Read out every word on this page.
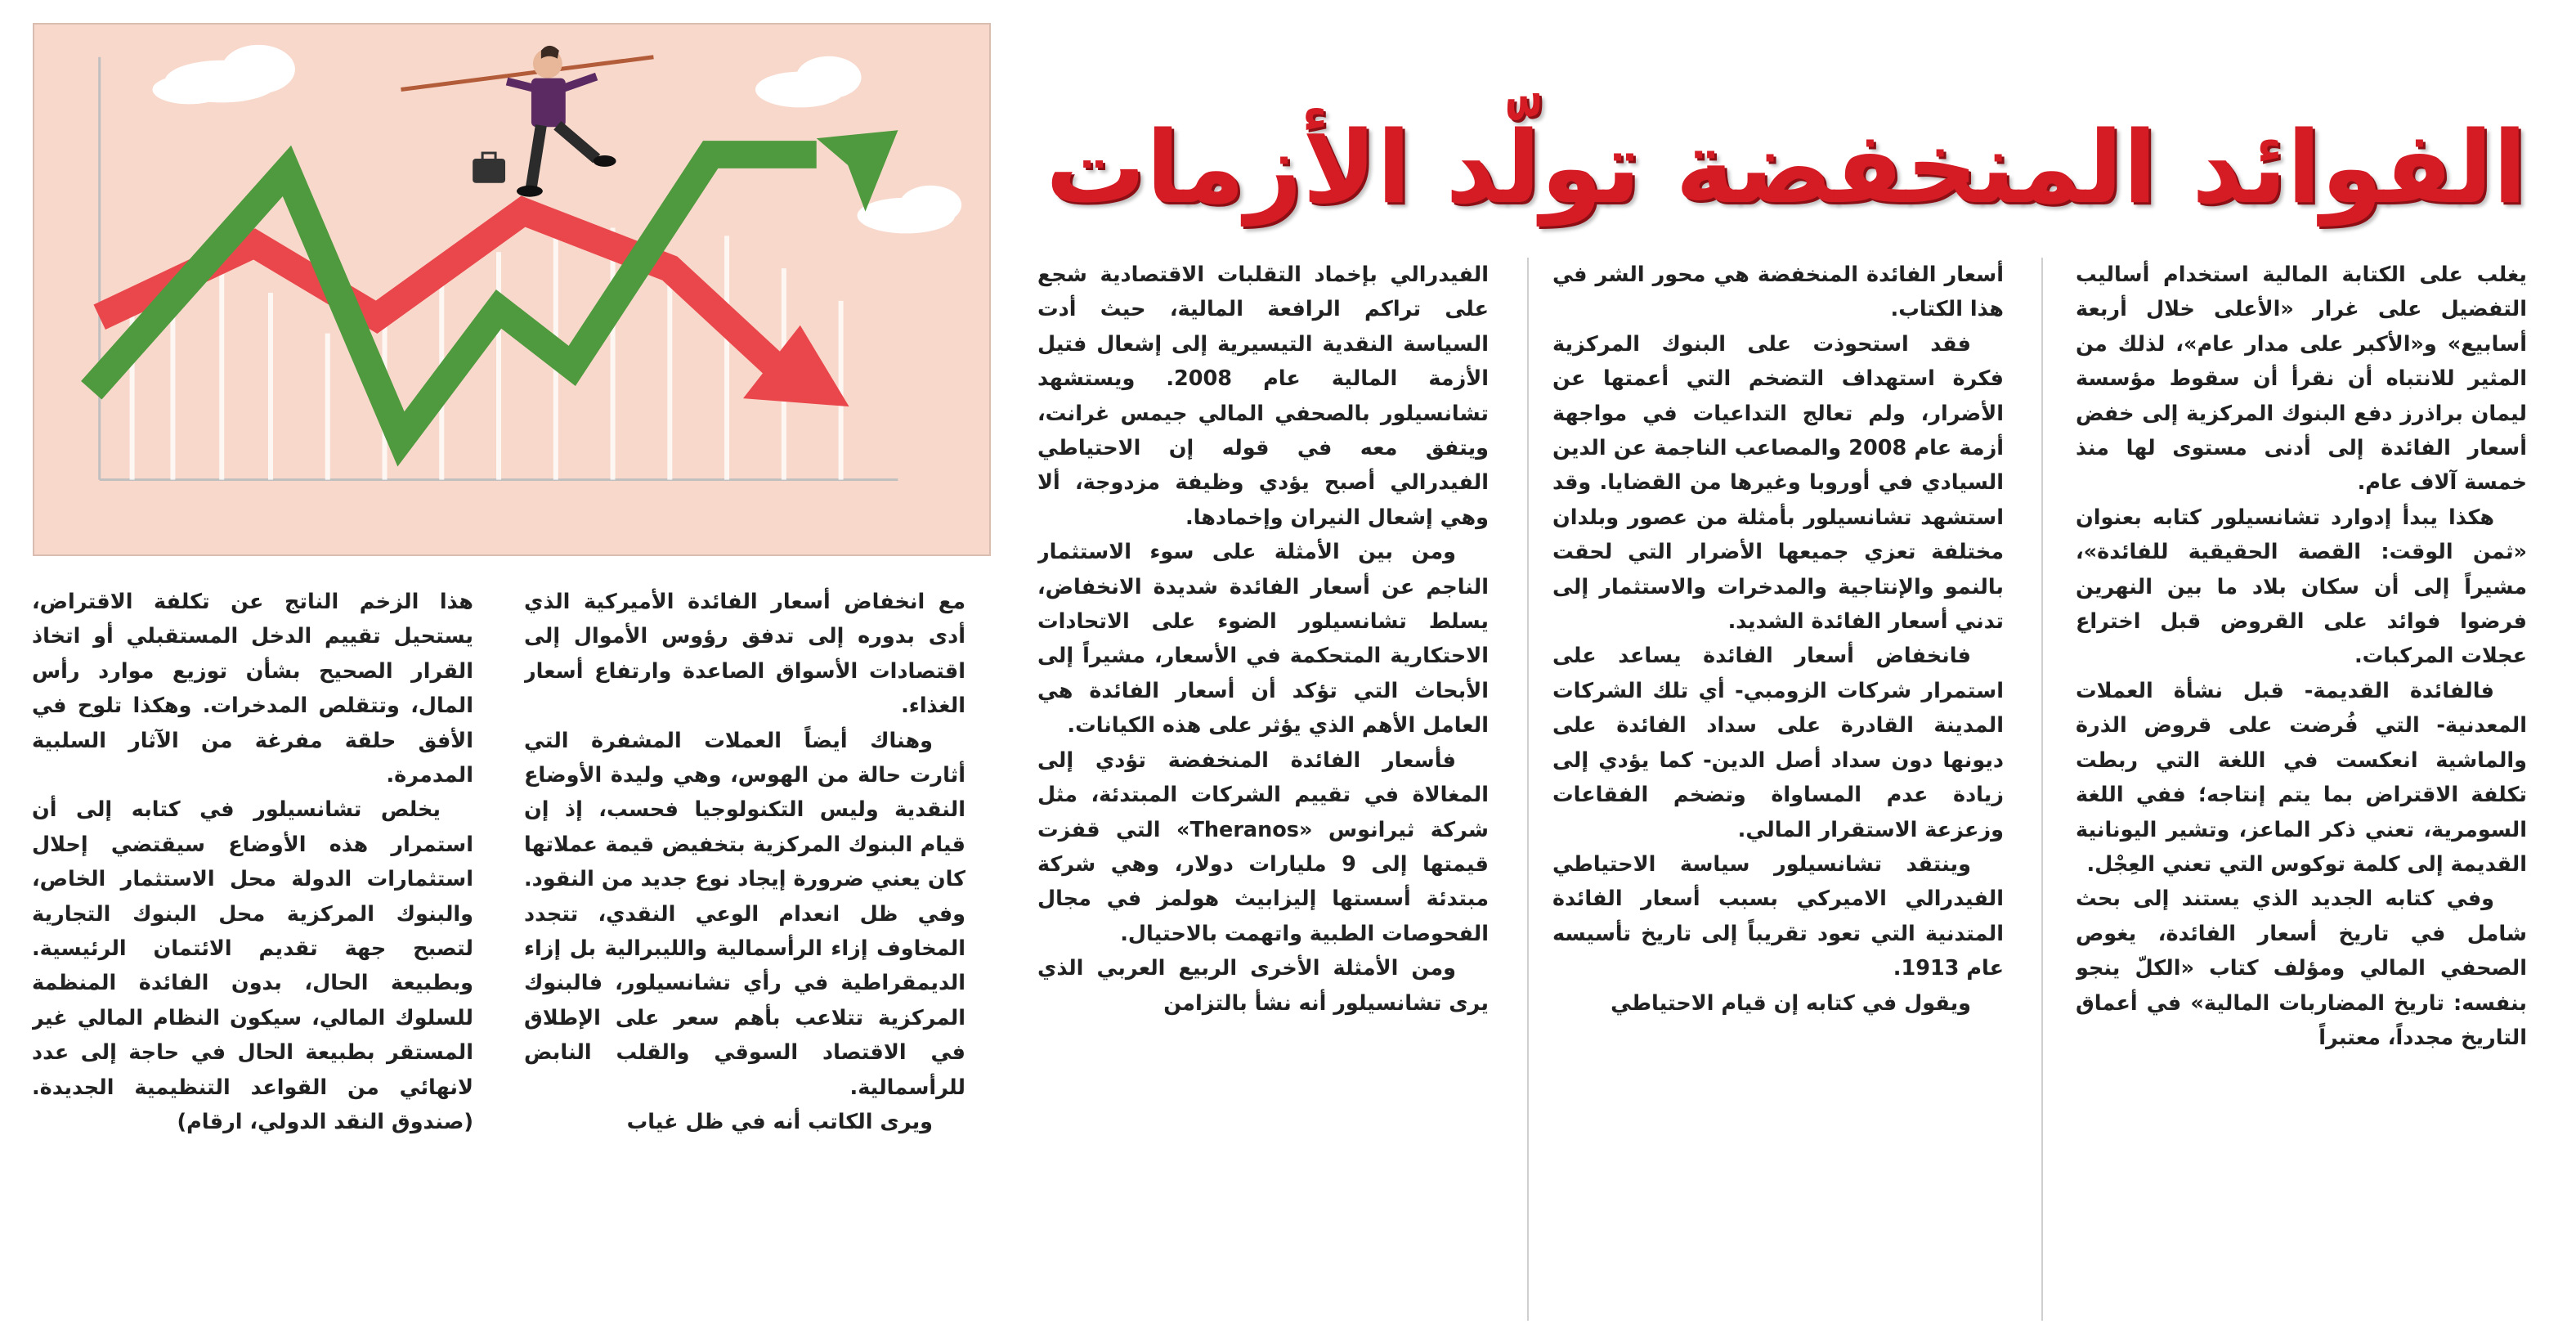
الفوائد المنخفضة تولّد الأزمات

يغلب على الكتابة المالية استخدام أساليب التفضيل على غرار «الأعلى خلال أربعة أسابيع» و«الأكبر على مدار عام»، لذلك من المثير للانتباه أن نقرأ أن سقوط مؤسسة ليمان براذرز دفع البنوك المركزية إلى خفض أسعار الفائدة إلى أدنى مستوى لها منذ خمسة آلاف عام.

هكذا يبدأ إدوارد تشانسيلور كتابه بعنوان «ثمن الوقت: القصة الحقيقية للفائدة»، مشيراً إلى أن سكان بلاد ما بين النهرين فرضوا فوائد على القروض قبل اختراع عجلات المركبات.

فالفائدة القديمة- قبل نشأة العملات المعدنية- التي فُرضت على قروض الذرة والماشية انعكست في اللغة التي ربطت تكلفة الاقتراض بما يتم إنتاجه؛ ففي اللغة السومرية، تعني ذكر الماعز، وتشير اليونانية القديمة إلى كلمة توكوس التي تعني العِجْل.

وفي كتابه الجديد الذي يستند إلى بحث شامل في تاريخ أسعار الفائدة، يغوص الصحفي المالي ومؤلف كتاب «الكلّ ينجو بنفسه: تاريخ المضاربات المالية» في أعماق التاريخ مجدداً، معتبراً

أسعار الفائدة المنخفضة هي محور الشر في هذا الكتاب.

فقد استحوذت على البنوك المركزية فكرة استهداف التضخم التي أعمتها عن الأضرار، ولم تعالج التداعيات في مواجهة أزمة عام 2008 والمصاعب الناجمة عن الدين السيادي في أوروبا وغيرها من القضايا. وقد استشهد تشانسيلور بأمثلة من عصور وبلدان مختلفة تعزي جميعها الأضرار التي لحقت بالنمو والإنتاجية والمدخرات والاستثمار إلى تدني أسعار الفائدة الشديد.

فانخفاض أسعار الفائدة يساعد على استمرار شركات الزومبي- أي تلك الشركات المدينة القادرة على سداد الفائدة على ديونها دون سداد أصل الدين- كما يؤدي إلى زيادة عدم المساواة وتضخم الفقاعات وزعزعة الاستقرار المالي.

وينتقد تشانسيلور سياسة الاحتياطي الفيدرالي الاميركي بسبب أسعار الفائدة المتدنية التي تعود تقريباً إلى تاريخ تأسيسه عام 1913.

ويقول في كتابه إن قيام الاحتياطي

الفيدرالي بإخماد التقلبات الاقتصادية شجع على تراكم الرافعة المالية، حيث أدت السياسة النقدية التيسيرية إلى إشعال فتيل الأزمة المالية عام 2008. ويستشهد تشانسيلور بالصحفي المالي جيمس غرانت، ويتفق معه في قوله إن الاحتياطي الفيدرالي أصبح يؤدي وظيفة مزدوجة، ألا وهي إشعال النيران وإخمادها.

ومن بين الأمثلة على سوء الاستثمار الناجم عن أسعار الفائدة شديدة الانخفاض، يسلط تشانسيلور الضوء على الاتحادات الاحتكارية المتحكمة في الأسعار، مشيراً إلى الأبحاث التي تؤكد أن أسعار الفائدة هي العامل الأهم الذي يؤثر على هذه الكيانات.

فأسعار الفائدة المنخفضة تؤدي إلى المغالاة في تقييم الشركات المبتدئة، مثل شركة ثيرانوس «Theranos» التي قفزت قيمتها إلى 9 مليارات دولار، وهي شركة مبتدئة أسستها إليزابيث هولمز في مجال الفحوصات الطبية واتهمت بالاحتيال.

ومن الأمثلة الأخرى الربيع العربي الذي يرى تشانسيلور أنه نشأ بالتزامن

مع انخفاض أسعار الفائدة الأميركية الذي أدى بدوره إلى تدفق رؤوس الأموال إلى اقتصادات الأسواق الصاعدة وارتفاع أسعار الغذاء.

وهناك أيضاً العملات المشفرة التي أثارت حالة من الهوس، وهي وليدة الأوضاع النقدية وليس التكنولوجيا فحسب، إذ إن قيام البنوك المركزية بتخفيض قيمة عملاتها كان يعني ضرورة إيجاد نوع جديد من النقود. وفي ظل انعدام الوعي النقدي، تتجدد المخاوف إزاء الرأسمالية والليبرالية بل إزاء الديمقراطية في رأي تشانسيلور، فالبنوك المركزية تتلاعب بأهم سعر على الإطلاق في الاقتصاد السوقي والقلب النابض للرأسمالية.

ويرى الكاتب أنه في ظل غياب

هذا الزخم الناتج عن تكلفة الاقتراض، يستحيل تقييم الدخل المستقبلي أو اتخاذ القرار الصحيح بشأن توزيع موارد رأس المال، وتتقلص المدخرات. وهكذا تلوح في الأفق حلقة مفرغة من الآثار السلبية المدمرة.

يخلص تشانسيلور في كتابه إلى أن استمرار هذه الأوضاع سيقتضي إحلال استثمارات الدولة محل الاستثمار الخاص، والبنوك المركزية محل البنوك التجارية لتصبح جهة تقديم الائتمان الرئيسية. وبطبيعة الحال، بدون الفائدة المنظمة للسلوك المالي، سيكون النظام المالي غير المستقر بطبيعة الحال في حاجة إلى عدد لانهائي من القواعد التنظيمية الجديدة. (صندوق النقد الدولي، ارقام)
